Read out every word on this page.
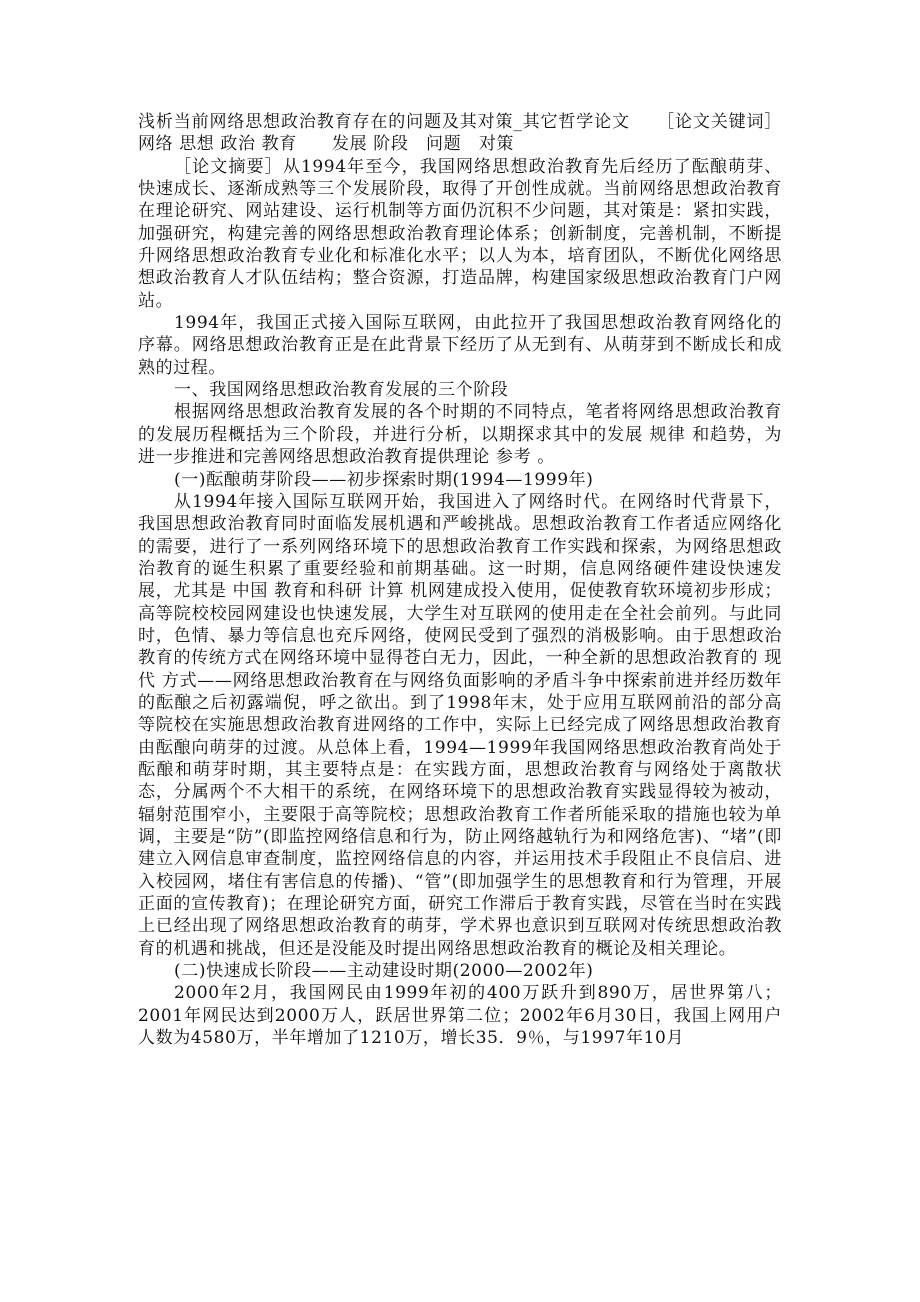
浅析当前网络思想政治教育存在的问题及其对策_其它哲学论文　　［论文关键词］网络 思想 政治 教育　　发展 阶段　问题　对策

［论文摘要］从1994年至今，我国网络思想政治教育先后经历了酝酿萌芽、快速成长、逐渐成熟等三个发展阶段，取得了开创性成就。当前网络思想政治教育在理论研究、网站建设、运行机制等方面仍沉积不少问题，其对策是：紧扣实践，加强研究，构建完善的网络思想政治教育理论体系；创新制度，完善机制，不断提升网络思想政治教育专业化和标准化水平；以人为本，培育团队，不断优化网络思想政治教育人才队伍结构；整合资源，打造品牌，构建国家级思想政治教育门户网站。

1994年，我国正式接入国际互联网，由此拉开了我国思想政治教育网络化的序幕。网络思想政治教育正是在此背景下经历了从无到有、从萌芽到不断成长和成熟的过程。

一、我国网络思想政治教育发展的三个阶段

根据网络思想政治教育发展的各个时期的不同特点，笔者将网络思想政治教育的发展历程概括为三个阶段，并进行分析，以期探求其中的发展 规律 和趋势，为进一步推进和完善网络思想政治教育提供理论 参考 。

(一)酝酿萌芽阶段——初步探索时期(1994—1999年)

从1994年接入国际互联网开始，我国进入了网络时代。在网络时代背景下，我国思想政治教育同时面临发展机遇和严峻挑战。思想政治教育工作者适应网络化的需要，进行了一系列网络环境下的思想政治教育工作实践和探索，为网络思想政治教育的诞生积累了重要经验和前期基础。这一时期，信息网络硬件建设快速发展，尤其是 中国 教育和科研 计算 机网建成投入使用，促使教育软环境初步形成；高等院校校园网建设也快速发展，大学生对互联网的使用走在全社会前列。与此同时，色情、暴力等信息也充斥网络，使网民受到了强烈的消极影响。由于思想政治教育的传统方式在网络环境中显得苍白无力，因此，一种全新的思想政治教育的 现代 方式——网络思想政治教育在与网络负面影响的矛盾斗争中探索前进并经历数年的酝酿之后初露端倪，呼之欲出。到了1998年末，处于应用互联网前沿的部分高等院校在实施思想政治教育进网络的工作中，实际上已经完成了网络思想政治教育由酝酿向萌芽的过渡。从总体上看，1994—1999年我国网络思想政治教育尚处于酝酿和萌芽时期，其主要特点是：在实践方面，思想政治教育与网络处于离散状态，分属两个不大相干的系统，在网络环境下的思想政治教育实践显得较为被动，辐射范围窄小，主要限于高等院校；思想政治教育工作者所能采取的措施也较为单调，主要是“防”(即监控网络信息和行为，防止网络越轨行为和网络危害)、“堵”(即建立入网信息审查制度，监控网络信息的内容，并运用技术手段阻止不良信启、进入校园网，堵住有害信息的传播)、“管”(即加强学生的思想教育和行为管理，开展正面的宣传教育)；在理论研究方面，研究工作滞后于教育实践，尽管在当时在实践上已经出现了网络思想政治教育的萌芽，学术界也意识到互联网对传统思想政治教育的机遇和挑战，但还是没能及时提出网络思想政治教育的概论及相关理论。

(二)快速成长阶段——主动建设时期(2000—2002年)

2000年2月，我国网民由1999年初的400万跃升到890万，居世界第八；2001年网民达到2000万人，跃居世界第二位；2002年6月30日，我国上网用户人数为4580万，半年增加了1210万，增长35．9％，与1997年10月
